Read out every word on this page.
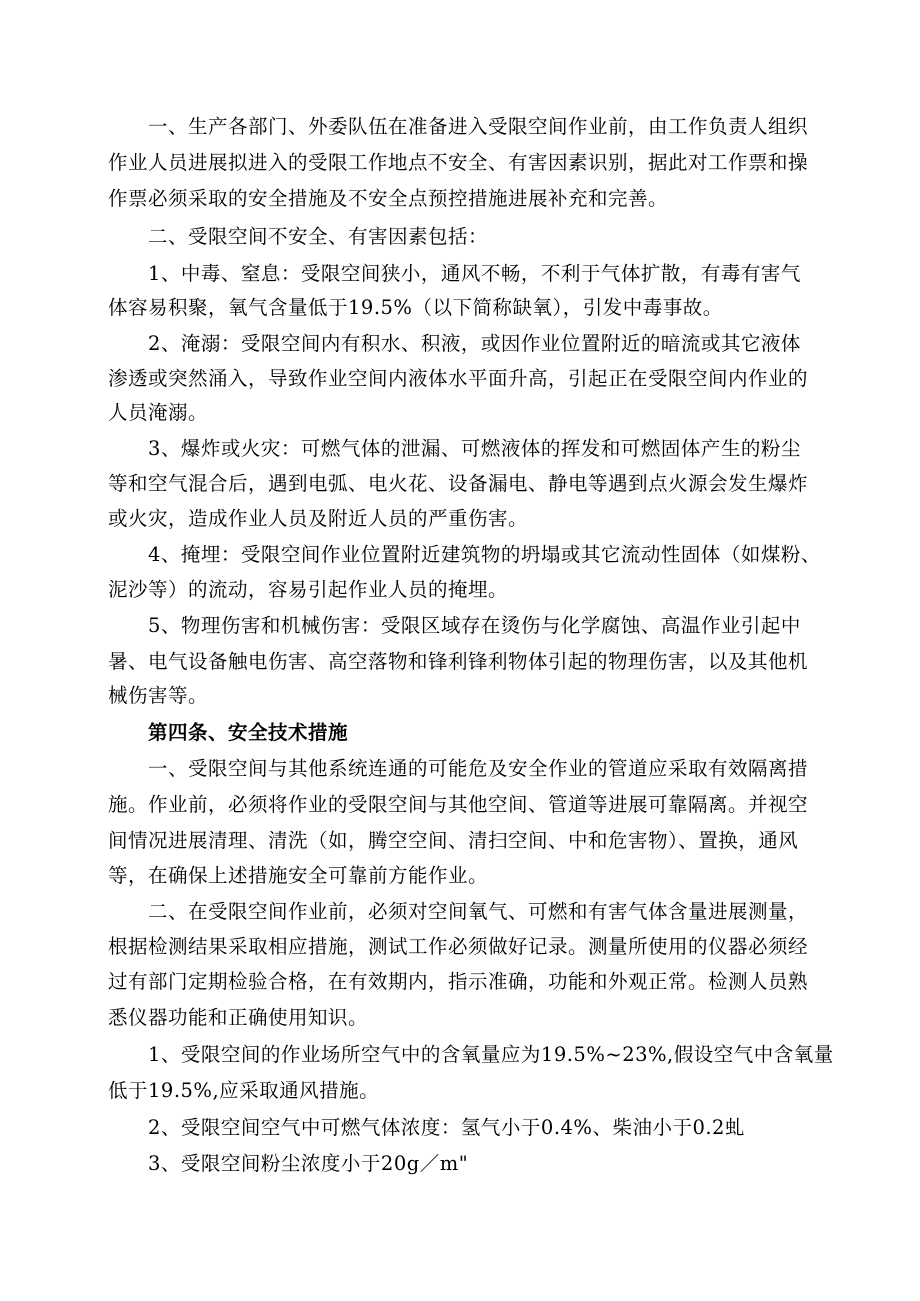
一、生产各部门、外委队伍在准备进入受限空间作业前，由工作负责人组织
作业人员进展拟进入的受限工作地点不安全、有害因素识别，据此对工作票和操
作票必须采取的安全措施及不安全点预控措施进展补充和完善。
二、受限空间不安全、有害因素包括：
1、中毒、窒息：受限空间狭小，通风不畅，不利于气体扩散，有毒有害气
体容易积聚，氧气含量低于19.5%（以下简称缺氧），引发中毒事故。
2、淹溺：受限空间内有积水、积液，或因作业位置附近的暗流或其它液体
渗透或突然涌入，导致作业空间内液体水平面升高，引起正在受限空间内作业的
人员淹溺。
3、爆炸或火灾：可燃气体的泄漏、可燃液体的挥发和可燃固体产生的粉尘
等和空气混合后，遇到电弧、电火花、设备漏电、静电等遇到点火源会发生爆炸
或火灾，造成作业人员及附近人员的严重伤害。
4、掩埋：受限空间作业位置附近建筑物的坍塌或其它流动性固体（如煤粉、
泥沙等）的流动，容易引起作业人员的掩埋。
5、物理伤害和机械伤害：受限区域存在烫伤与化学腐蚀、高温作业引起中
暑、电气设备触电伤害、高空落物和锋利锋利物体引起的物理伤害，以及其他机
械伤害等。
第四条、安全技术措施
一、受限空间与其他系统连通的可能危及安全作业的管道应采取有效隔离措
施。作业前，必须将作业的受限空间与其他空间、管道等进展可靠隔离。并视空
间情况进展清理、清洗（如，腾空空间、清扫空间、中和危害物）、置换，通风
等，在确保上述措施安全可靠前方能作业。
二、在受限空间作业前，必须对空间氧气、可燃和有害气体含量进展测量，
根据检测结果采取相应措施，测试工作必须做好记录。测量所使用的仪器必须经
过有部门定期检验合格，在有效期内，指示准确，功能和外观正常。检测人员熟
悉仪器功能和正确使用知识。
1、受限空间的作业场所空气中的含氧量应为19.5%~23%,假设空气中含氧量
低于19.5%,应采取通风措施。
2、受限空间空气中可燃气体浓度：氢气小于0.4%、柴油小于0.2虬
3、受限空间粉尘浓度小于20g／m"
